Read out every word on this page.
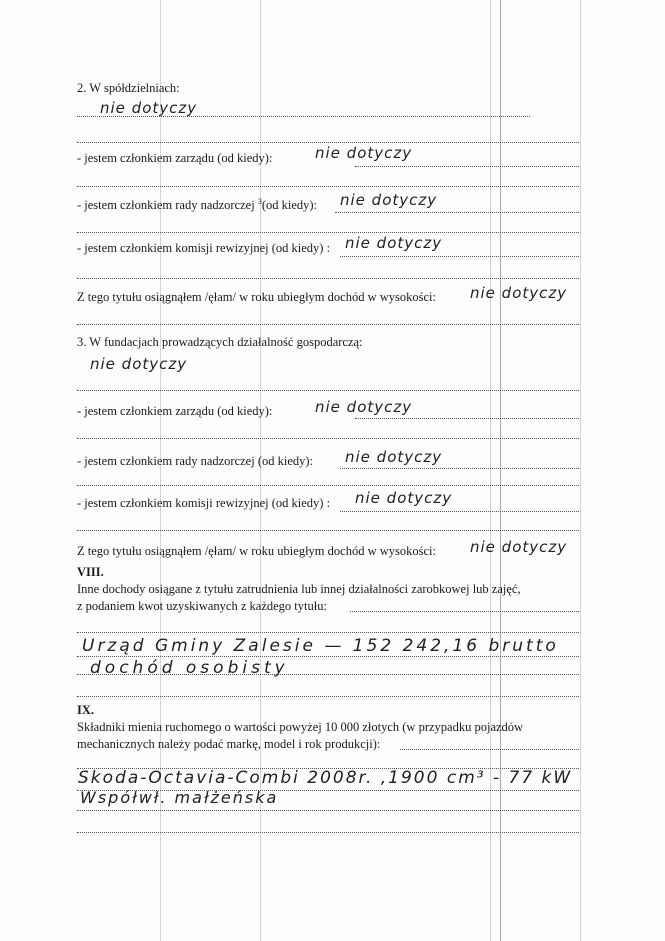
2. W spółdzielniach:
nie dotyczy
- jestem członkiem zarządu (od kiedy):	nie dotyczy
- jestem członkiem rady nadzorczej $^3$(od kiedy): nie dotyczy
- jestem członkiem komisji rewizyjnej (od kiedy) : nie dotyczy
Z tego tytułu osiągnąłem /ęłam/ w roku ubiegłym dochód w wysokości: nie dotyczy
3. W fundacjach prowadzących działalność gospodarczą:
nie dotyczy
- jestem członkiem zarządu (od kiedy):	nie dotyczy
- jestem członkiem rady nadzorczej (od kiedy): nie dotyczy
- jestem członkiem komisji rewizyjnej (od kiedy) : nie dotyczy
Z tego tytułu osiągnąłem /ęłam/ w roku ubiegłym dochód w wysokości: nie dotyczy
VIII.
Inne dochody osiągane z tytułu zatrudnienia lub innej działalności zarobkowej lub zajęć,
z podaniem kwot uzyskiwanych z każdego tytułu:
Urząd Gminy Zalesie — 152 242,16 brutto
dochód osobisty
IX.
Składniki mienia ruchomego o wartości powyżej 10 000 złotych (w przypadku pojazdów
mechanicznych należy podać markę, model i rok produkcji):
Skoda-Octavia-Combi 2008r. ,1900 cm³ - 77 kW
Współwł. małżeńska
